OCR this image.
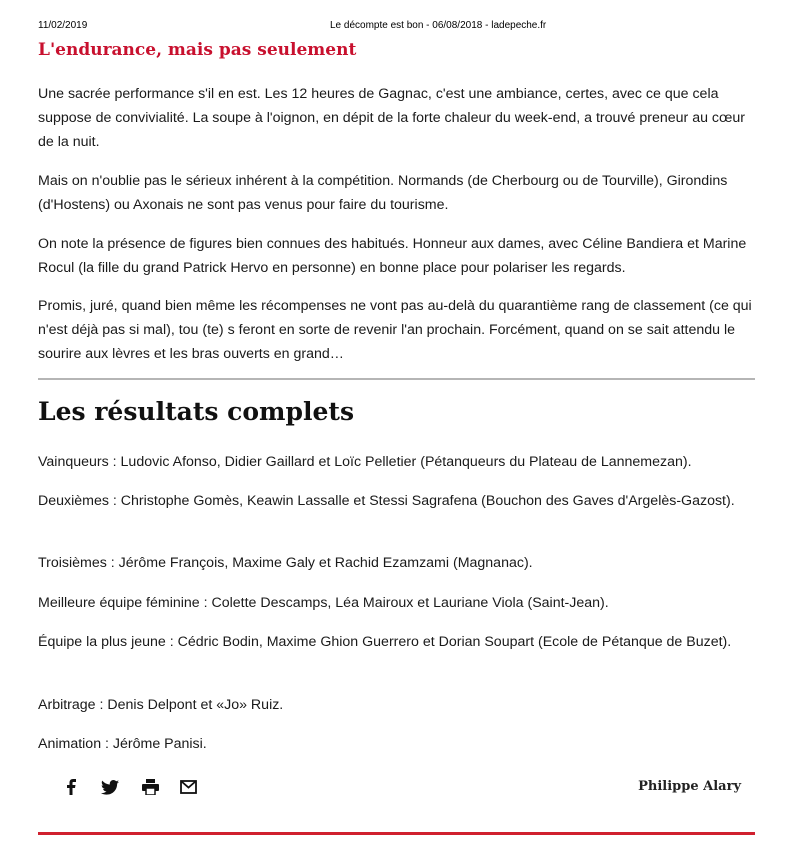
11/02/2019	Le décompte est bon - 06/08/2018 - ladepeche.fr
L'endurance, mais pas seulement

Une sacrée performance s'il en est. Les 12 heures de Gagnac, c'est une ambiance, certes, avec ce que cela suppose de convivialité. La soupe à l'oignon, en dépit de la forte chaleur du week-end, a trouvé preneur au cœur de la nuit.

Mais on n'oublie pas le sérieux inhérent à la compétition. Normands (de Cherbourg ou de Tourville), Girondins (d'Hostens) ou Axonais ne sont pas venus pour faire du tourisme.

On note la présence de figures bien connues des habitués. Honneur aux dames, avec Céline Bandiera et Marine Rocul (la fille du grand Patrick Hervo en personne) en bonne place pour polariser les regards.

Promis, juré, quand bien même les récompenses ne vont pas au-delà du quarantième rang de classement (ce qui n'est déjà pas si mal), tou (te) s feront en sorte de revenir l'an prochain. Forcément, quand on se sait attendu le sourire aux lèvres et les bras ouverts en grand…

Les résultats complets

Vainqueurs : Ludovic Afonso, Didier Gaillard et Loïc Pelletier (Pétanqueurs du Plateau de Lannemezan).

Deuxièmes : Christophe Gomès, Keawin Lassalle et Stessi Sagrafena (Bouchon des Gaves d'Argelès-Gazost).

Troisièmes : Jérôme François, Maxime Galy et Rachid Ezamzami (Magnanac).

Meilleure équipe féminine : Colette Descamps, Léa Mairoux et Lauriane Viola (Saint-Jean).

Équipe la plus jeune : Cédric Bodin, Maxime Ghion Guerrero et Dorian Soupart (Ecole de Pétanque de Buzet).

Arbitrage : Denis Delpont et «Jo» Ruiz.

Animation : Jérôme Panisi.

Philippe Alary
